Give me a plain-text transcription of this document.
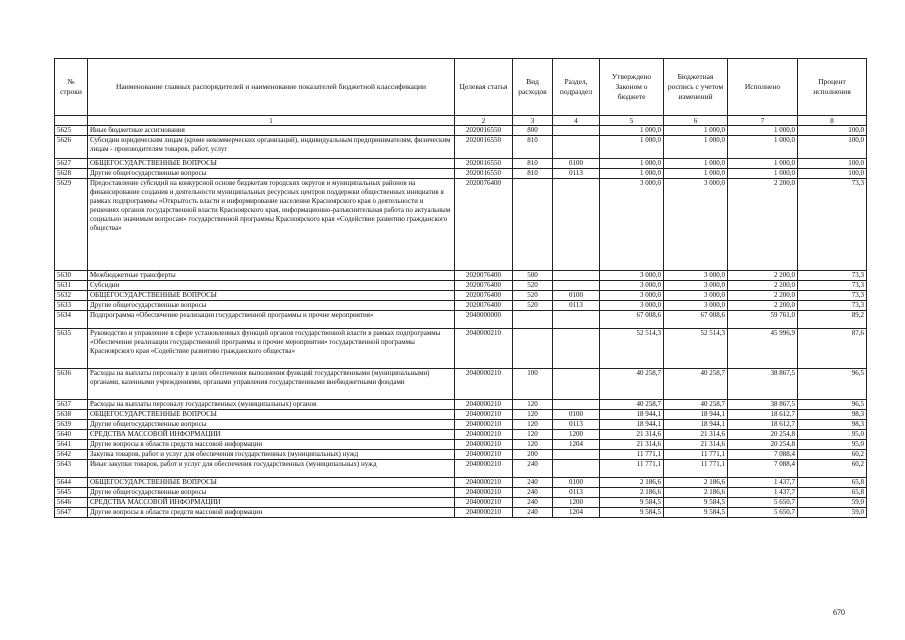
№ строки	Наименование главных распорядителей и наименование показателей бюджетной классификации	Целевая статья	Вид расходов	Раздел, подраздел	Утверждено Законом о бюджете	Бюджетная роспись с учетом изменений	Исполнено	Процент исполнения
	1	2	3	4	5	6	7	8
5625	Иные бюджетные ассигнования	2020016550	800		1 000,0	1 000,0	1 000,0	100,0
5626	Субсидии юридическим лицам (кроме некоммерческих организаций), индивидуальным предпринимателям, физическим лицам - производителям товаров, работ, услуг	2020016550	810		1 000,0	1 000,0	1 000,0	100,0
5627	ОБЩЕГОСУДАРСТВЕННЫЕ ВОПРОСЫ	2020016550	810	0100	1 000,0	1 000,0	1 000,0	100,0
5628	Другие общегосударственные вопросы	2020016550	810	0113	1 000,0	1 000,0	1 000,0	100,0
5629	Предоставление субсидий на конкурсной основе бюджетам городских округов и муниципальных районов на финансирование создания и деятельности муниципальных ресурсных центров поддержки общественных инициатив в рамках подпрограммы «Открытость власти и информирование населения Красноярского края о деятельности и решениях органов государственной власти Красноярского края, информационно-разъяснительная работа по актуальным социально значимым вопросам» государственной программы Красноярского края «Содействие развитию гражданского общества»	2020076400			3 000,0	3 000,0	2 200,0	73,3
5630	Межбюджетные трансферты	2020076400	500		3 000,0	3 000,0	2 200,0	73,3
5631	Субсидии	2020076400	520		3 000,0	3 000,0	2 200,0	73,3
5632	ОБЩЕГОСУДАРСТВЕННЫЕ ВОПРОСЫ	2020076400	520	0100	3 000,0	3 000,0	2 200,0	73,3
5633	Другие общегосударственные вопросы	2020076400	520	0113	3 000,0	3 000,0	2 200,0	73,3
5634	Подпрограмма «Обеспечение реализации государственной программы и прочие мероприятия»	2040000000			67 008,6	67 008,6	59 761,0	89,2
5635	Руководство и управление в сфере установленных функций органов государственной власти в рамках подпрограммы «Обеспечение реализации государственной программы и прочие мероприятия» государственной программы Красноярского края «Содействие развитию гражданского общества»	2040000210			52 514,3	52 514,3	45 996,9	87,6
5636	Расходы на выплаты персоналу в целях обеспечения выполнения функций государственными (муниципальными) органами, казенными учреждениями, органами управления государственными внебюджетными фондами	2040000210	100		40 258,7	40 258,7	38 867,5	96,5
5637	Расходы на выплаты персоналу государственных (муниципальных) органов	2040000210	120		40 258,7	40 258,7	38 867,5	96,5
5638	ОБЩЕГОСУДАРСТВЕННЫЕ ВОПРОСЫ	2040000210	120	0100	18 944,1	18 944,1	18 612,7	98,3
5639	Другие общегосударственные вопросы	2040000210	120	0113	18 944,1	18 944,1	18 612,7	98,3
5640	СРЕДСТВА МАССОВОЙ ИНФОРМАЦИИ	2040000210	120	1200	21 314,6	21 314,6	20 254,8	95,0
5641	Другие вопросы в области средств массовой информации	2040000210	120	1204	21 314,6	21 314,6	20 254,8	95,0
5642	Закупка товаров, работ и услуг для обеспечения государственных (муниципальных) нужд	2040000210	200		11 771,1	11 771,1	7 088,4	60,2
5643	Иные закупки товаров, работ и услуг для обеспечения государственных (муниципальных) нужд	2040000210	240		11 771,1	11 771,1	7 088,4	60,2
5644	ОБЩЕГОСУДАРСТВЕННЫЕ ВОПРОСЫ	2040000210	240	0100	2 186,6	2 186,6	1 437,7	65,8
5645	Другие общегосударственные вопросы	2040000210	240	0113	2 186,6	2 186,6	1 437,7	65,8
5646	СРЕДСТВА МАССОВОЙ ИНФОРМАЦИИ	2040000210	240	1200	9 584,5	9 584,5	5 650,7	59,0
5647	Другие вопросы в области средств массовой информации	2040000210	240	1204	9 584,5	9 584,5	5 650,7	59,0
670
